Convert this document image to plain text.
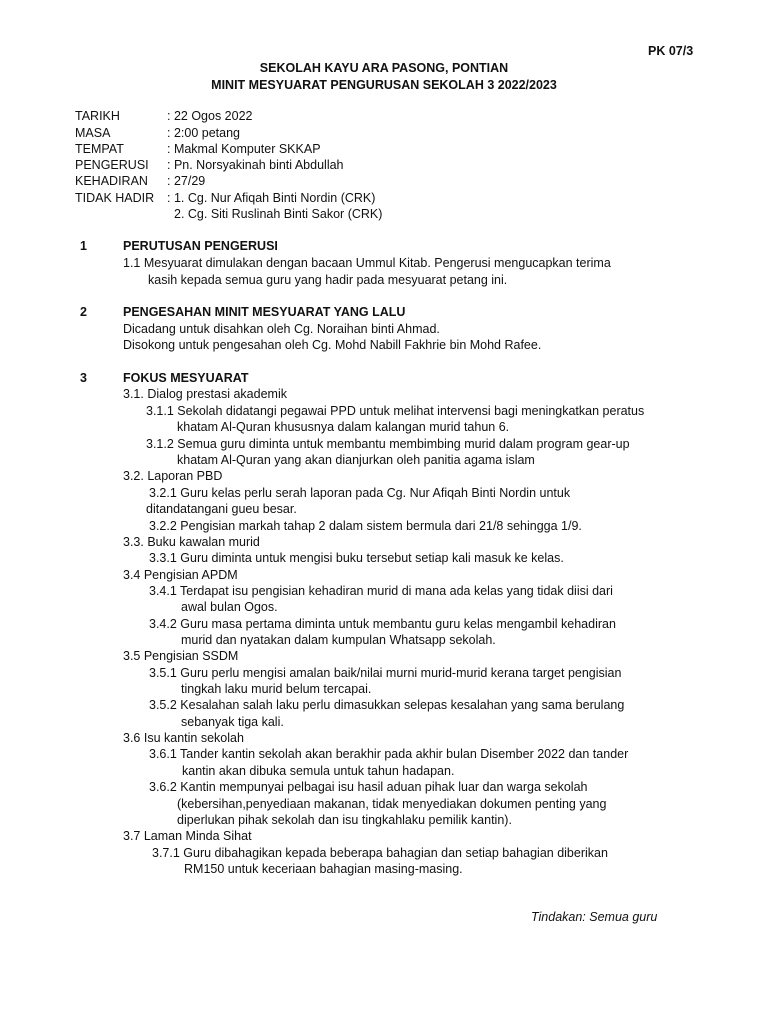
PK 07/3
SEKOLAH KAYU ARA PASONG, PONTIAN
MINIT MESYUARAT PENGURUSAN SEKOLAH 3 2022/2023
TARIKH	: 22 Ogos 2022
MASA	: 2:00 petang
TEMPAT	: Makmal Komputer SKKAP
PENGERUSI : Pn. Norsyakinah binti Abdullah
KEHADIRAN : 27/29
TIDAK HADIR : 1. Cg. Nur Afiqah Binti Nordin (CRK)
2. Cg. Siti Ruslinah Binti Sakor (CRK)
1	PERUTUSAN PENGERUSI
1.1 Mesyuarat dimulakan dengan bacaan Ummul Kitab. Pengerusi mengucapkan terima
kasih kepada semua guru yang hadir pada mesyuarat petang ini.
2	PENGESAHAN MINIT MESYUARAT YANG LALU
Dicadang untuk disahkan oleh Cg. Noraihan binti Ahmad.
Disokong untuk pengesahan oleh Cg. Mohd Nabill Fakhrie bin Mohd Rafee.
3	FOKUS MESYUARAT
3.1. Dialog prestasi akademik
3.1.1 Sekolah didatangi pegawai PPD untuk melihat intervensi bagi meningkatkan peratus
khatam Al-Quran khususnya dalam kalangan murid tahun 6.
3.1.2 Semua guru diminta untuk membantu membimbing murid dalam program gear-up
khatam Al-Quran yang akan dianjurkan oleh panitia agama islam
3.2. Laporan PBD
3.2.1 Guru kelas perlu serah laporan pada Cg. Nur Afiqah Binti Nordin untuk
ditandatangani gueu besar.
3.2.2 Pengisian markah tahap 2 dalam sistem bermula dari 21/8 sehingga 1/9.
3.3. Buku kawalan murid
3.3.1 Guru diminta untuk mengisi buku tersebut setiap kali masuk ke kelas.
3.4 Pengisian APDM
3.4.1 Terdapat isu pengisian kehadiran murid di mana ada kelas yang tidak diisi dari
awal bulan Ogos.
3.4.2 Guru masa pertama diminta untuk membantu guru kelas mengambil kehadiran
murid dan nyatakan dalam kumpulan Whatsapp sekolah.
3.5 Pengisian SSDM
3.5.1 Guru perlu mengisi amalan baik/nilai murni murid-murid kerana target pengisian
tingkah laku murid belum tercapai.
3.5.2 Kesalahan salah laku perlu dimasukkan selepas kesalahan yang sama berulang
sebanyak tiga kali.
3.6 Isu kantin sekolah
3.6.1 Tander kantin sekolah akan berakhir pada akhir bulan Disember 2022 dan tander
kantin akan dibuka semula untuk tahun hadapan.
3.6.2 Kantin mempunyai pelbagai isu hasil aduan pihak luar dan warga sekolah
(kebersihan,penyediaan makanan, tidak menyediakan dokumen penting yang
diperlukan pihak sekolah dan isu tingkahlaku pemilik kantin).
3.7 Laman Minda Sihat
3.7.1 Guru dibahagikan kepada beberapa bahagian dan setiap bahagian diberikan
RM150 untuk keceriaan bahagian masing-masing.
Tindakan: Semua guru
